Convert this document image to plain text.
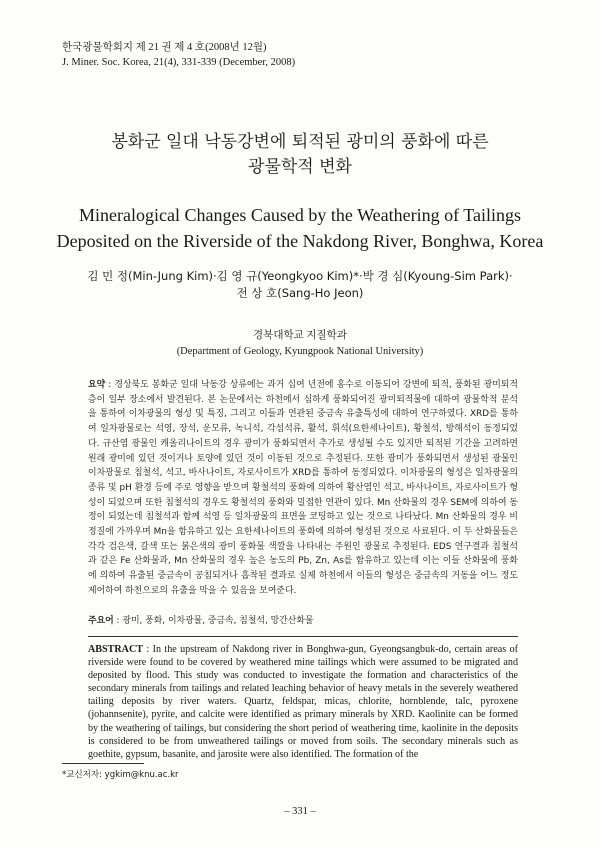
한국광물학회지 제 21 권 제 4 호(2008년 12월)
J. Miner. Soc. Korea, 21(4), 331-339 (December, 2008)
봉화군 일대 낙동강변에 퇴적된 광미의 풍화에 따른
광물학적 변화
Mineralogical Changes Caused by the Weathering of Tailings
Deposited on the Riverside of the Nakdong River, Bonghwa, Korea
김 민 정(Min-Jung Kim)·김 영 규(Yeongkyoo Kim)*·박 경 심(Kyoung-Sim Park)·
전 상 호(Sang-Ho Jeon)
경북대학교 지질학과
(Department of Geology, Kyungpook National University)
요약 : 경상북도 봉화군 일대 낙동강 상류에는 과거 십여 년전에 홍수로 이동되어 강변에 퇴적, 풍화된 광미퇴적층이 일부 장소에서 발견된다. 본 논문에서는 하천에서 심하게 풍화되어진 광미퇴적물에 대하여 광물학적 분석을 통하여 이차광물의 형성 및 특징, 그리고 이들과 연관된 중금속 유출특성에 대하여 연구하였다. XRD를 통하여 일차광물로는 석영, 장석, 운모류, 녹니석, 각섬석류, 활석, 휘석(요한세나이트), 황철석, 방해석이 동정되었다. 규산염 광물인 캐올리나이트의 경우 광미가 풍화되면서 추가로 생성될 수도 있지만 퇴적된 기간을 고려하면 원래 광미에 있던 것이거나 토양에 있던 것이 이동된 것으로 추정된다. 또한 광미가 풍화되면서 생성된 광물인 이차광물로 침철석, 석고, 바사나이트, 자로사이트가 XRD를 통하여 동정되었다. 이차광물의 형성은 일차광물의 종류 및 pH 환경 등에 주로 영향을 받으며 황철석의 풍화에 의하여 황산염인 석고, 바사나이트, 자로사이트가 형성이 되었으며 또한 침철석의 경우도 황철석의 풍화와 밀접한 연관이 있다. Mn 산화물의 경우 SEM에 의하여 동정이 되었는데 침철석과 함께 석영 등 일차광물의 표면을 코팅하고 있는 것으로 나타났다. Mn 산화물의 경우 비정질에 가까우며 Mn을 함유하고 있는 요한세나이트의 풍화에 의하여 형성된 것으로 사료된다. 이 두 산화물들은 각각 검은색, 갈색 또는 붉은색의 광미 풍화물 색깔을 나타내는 주원인 광물로 추정된다. EDS 연구결과 침철석과 같은 Fe 산화물과, Mn 산화물의 경우 높은 농도의 Pb, Zn, As를 함유하고 있는데 이는 이들 산화물에 풍화에 의하여 유출된 중금속이 공침되거나 흡착된 결과로 실제 하천에서 이들의 형성은 중금속의 거동을 어느 정도 제어하여 하천으로의 유출을 막을 수 있음을 보여준다.
주요어 : 광미, 풍화, 이차광물, 중금속, 침철석, 망간산화물
ABSTRACT : In the upstream of Nakdong river in Bonghwa-gun, Gyeongsangbuk-do, certain areas of riverside were found to be covered by weathered mine tailings which were assumed to be migrated and deposited by flood. This study was conducted to investigate the formation and characteristics of the secondary minerals from tailings and related leaching behavior of heavy metals in the severely weathered tailing deposits by river waters. Quartz, feldspar, micas, chlorite, hornblende, talc, pyroxene (johannsenite), pyrite, and calcite were identified as primary minerals by XRD. Kaolinite can be formed by the weathering of tailings, but considering the short period of weathering time, kaolinite in the deposits is considered to be from unweathered tailings or moved from soils. The secondary minerals such as goethite, gypsum, basanite, and jarosite were also identified. The formation of the
*교신저자: ygkim@knu.ac.kr
– 331 –
